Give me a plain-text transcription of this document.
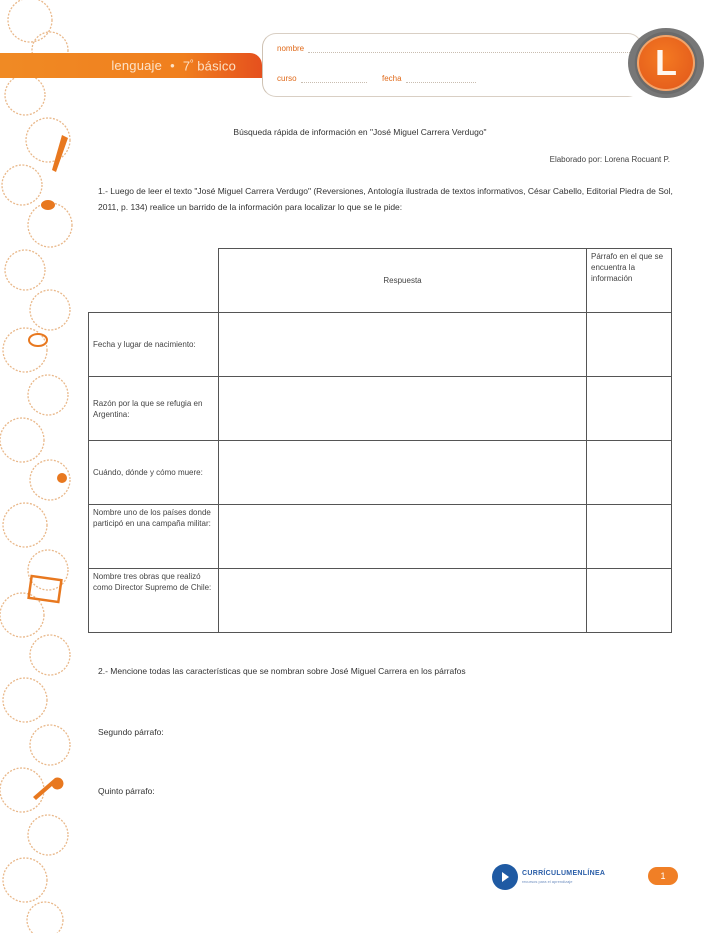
lenguaje • $7^º$ básico
nombre
curso	fecha	L
Búsqueda rápida de información en "José Miguel Carrera Verdugo"
Elaborado por: Lorena Rocuant P.
1.- Luego de leer el texto "José Miguel Carrera Verdugo" (Reversiones, Antología ilustrada de textos informativos, César Cabello, Editorial Piedra de Sol, 2011, p. 134) realice un barrido de la información para localizar lo que se le pide:
	Respuesta	Párrafo en el que se encuentra la información
Fecha y lugar de nacimiento:		
Razón por la que se refugia en Argentina:		
Cuándo, dónde y cómo muere:		
Nombre uno de los países donde participó en una campaña militar:		
Nombre tres obras que realizó como Director Supremo de Chile:		
2.- Mencione todas las características que se nombran sobre José Miguel Carrera en los párrafos
Segundo párrafo:
Quinto párrafo:
CURRÍCULUMENLÍNEA
recursos para el aprendizaje
1
